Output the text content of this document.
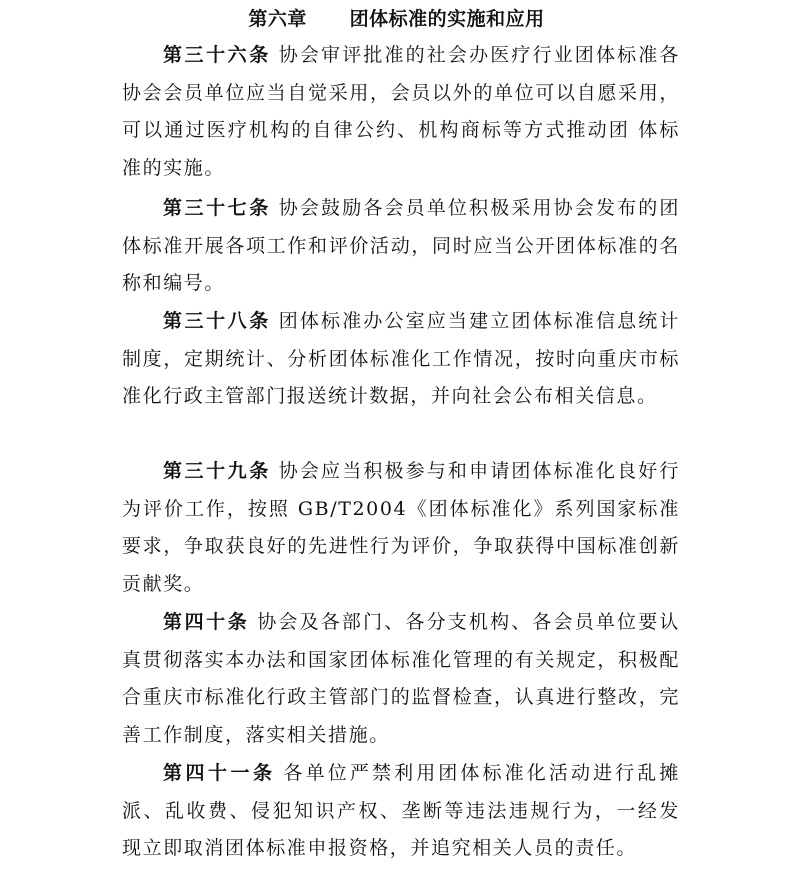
第六章      团体标准的实施和应用

第三十六条 协会审评批准的社会办医疗行业团体标准各协会会员单位应当自觉采用，会员以外的单位可以自愿采用，可以通过医疗机构的自律公约、机构商标等方式推动团 体标准的实施。

第三十七条 协会鼓励各会员单位积极采用协会发布的团体标准开展各项工作和评价活动，同时应当公开团体标准的名称和编号。

第三十八条 团体标准办公室应当建立团体标准信息统计制度，定期统计、分析团体标准化工作情况，按时向重庆市标准化行政主管部门报送统计数据，并向社会公布相关信息。

第三十九条 协会应当积极参与和申请团体标准化良好行为评价工作，按照 GB/T2004《团体标准化》系列国家标准要求，争取获良好的先进性行为评价，争取获得中国标准创新贡献奖。

第四十条 协会及各部门、各分支机构、各会员单位要认真贯彻落实本办法和国家团体标准化管理的有关规定，积极配合重庆市标准化行政主管部门的监督检查，认真进行整改，完善工作制度，落实相关措施。

第四十一条 各单位严禁利用团体标准化活动进行乱摊派、乱收费、侵犯知识产权、垄断等违法违规行为，一经发 现立即取消团体标准申报资格，并追究相关人员的责任。
